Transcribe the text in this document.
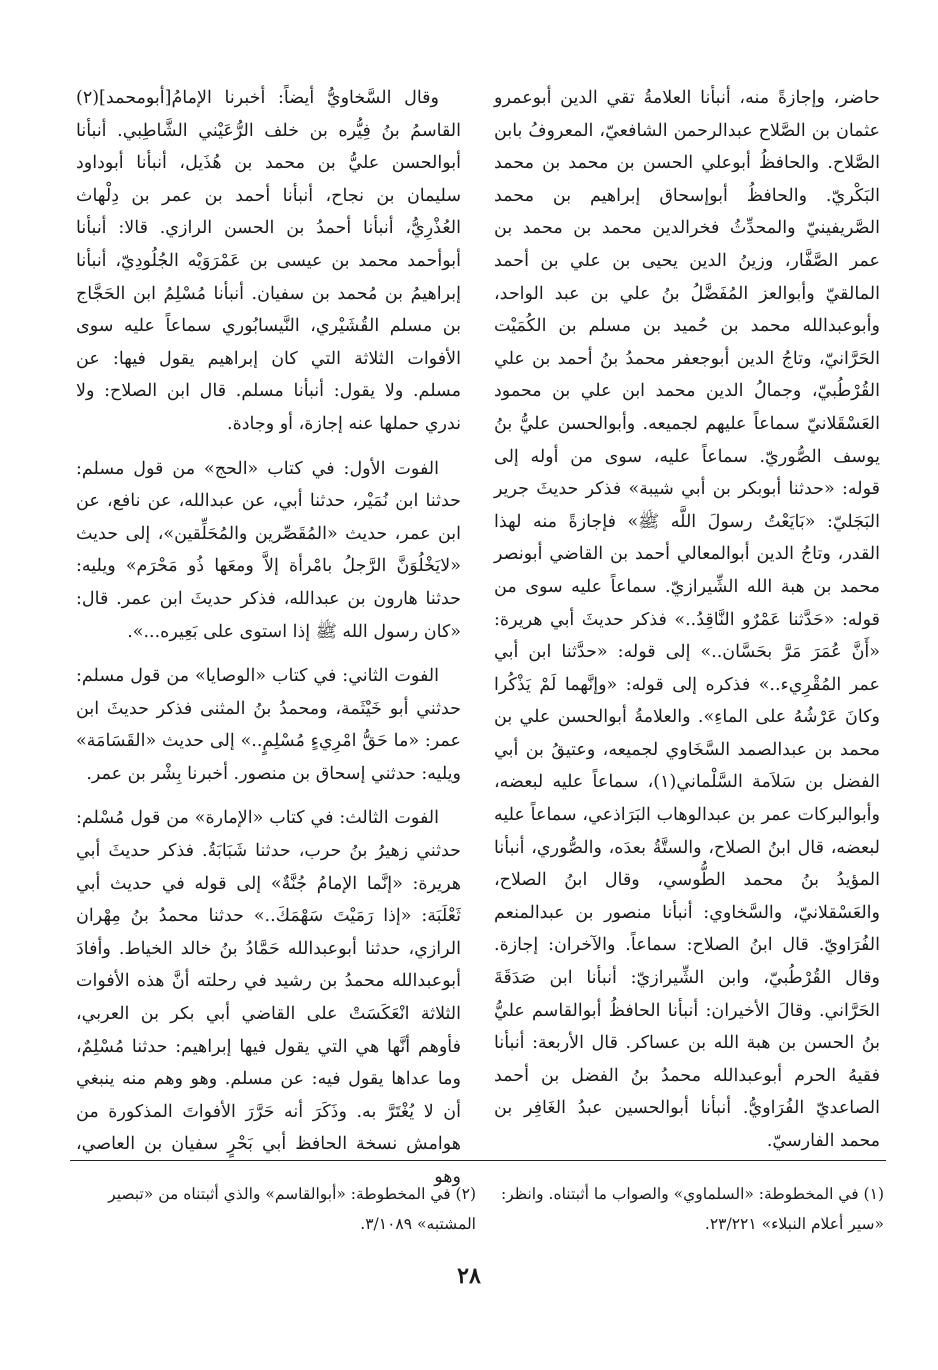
حاضر، وإجازةً منه، أنبأنا العلامةُ تقي الدين أبوعمرو عثمان بن الصَّلاح عبدالرحمن الشافعيّ، المعروفُ بابن الصَّلاح. والحافظُ أبوعلي الحسن بن محمد بن محمد البَكْريّ. والحافظُ أبوإسحاق إبراهيم بن محمد الصَّريفينيّ والمحدِّثُ فخرالدين محمد بن محمد بن عمر الصَّفَّار، وزينُ الدين يحيى بن علي بن أحمد المالقيّ وأبوالعز المُفَضَّلُ بنُ علي بن عبد الواحد، وأبوعبدالله محمد بن حُميد بن مسلم بن الكُمَيْت الحَرَّانيّ، وتاجُ الدين أبوجعفر محمدُ بنُ أحمد بن علي القُرْطُبيّ، وجمالُ الدين محمد ابن علي بن محمود العَسْقَلانيّ سماعاً عليهم لجميعه. وأبوالحسن عليُّ بنُ يوسف الصُّوريّ. سماعاً عليه، سوى من أوله إلى قوله: «حدثنا أبوبكر بن أبي شيبة» فذكر حديثَ جرير البَجَليّ: «بَايَعْتُ رسولَ اللَّه ﷺ» فإجازةً منه لهذا القدر، وتاجُ الدين أبوالمعالي أحمد بن القاضي أبونصر محمد بن هبة الله الشِّيرازيّ. سماعاً عليه سوى من قوله: «حَدَّثنا عَمْرٌو النَّاقِدُ..» فذكر حديثَ أبي هريرة: «أَنَّ عُمَرَ مَرَّ بحَسَّان..» إلى قوله: «حدَّثنا ابن أبي عمر المُقْرِيء..» فذكره إلى قوله: «وإنَّهما لَمْ يَذْكُرا وكانَ عَرْشُهُ على الماءِ». والعلامةُ أبوالحسن علي بن محمد بن عبدالصمد السَّخَاوي لجميعه، وعتيقُ بن أبي الفضل بن سَلاَمة السَّلْماني(١)، سماعاً عليه لبعضه، وأبوالبركات عمر بن عبدالوهاب البَرَاذعي، سماعاً عليه لبعضه، قال ابنُ الصلاح، والستَّةُ بعدَه، والصُّوري، أنبأنا المؤيدُ بنُ محمد الطُّوسي، وقال ابنُ الصلاح، والعَسْقلانيّ، والسَّخاوي: أنبأنا منصور بن عبدالمنعم الفُرَاويّ. قال ابنُ الصلاح: سماعاً. والآخران: إجازة. وقال القُرْطُبيّ، وابن الشِّيرازيّ: أنبأنا ابن صَدَقَةَ الحَرَّاني. وقالَ الأخيران: أنبأنا الحافظُ أبوالقاسم عليُّ بنُ الحسن بن هبة الله بن عساكر. قال الأربعة: أنبأنا فقيهُ الحرم أبوعبدالله محمدُ بنُ الفضل بن أحمد الصاعديّ الفُرَاويُّ. أنبأنا أبوالحسين عبدُ الغَافِر بن محمد الفارسيّ.

وقال السَّخاويُّ أيضاً: أخبرنا الإمامُ[أبومحمد](٢) القاسمُ بنُ فِيُّره بن خلف الرُّعَيْني الشَّاطِبي. أنبأنا أبوالحسن عليُّ بن محمد بن هُذَيل، أنبأنا أبوداود سليمان بن نجاح، أنبأنا أحمد بن عمر بن دِلْهاث العُذْرِيُّ، أنبأنا أحمدُ بن الحسن الرازي. قالا: أنبأنا أبوأحمد محمد بن عيسى بن عَمْرَوَيْه الجُلُودِيّ، أنبأنا إبراهيمُ بن مُحمد بن سفيان. أنبأنا مُسْلِمُ ابن الحَجَّاج بن مسلم القُشَيْري، النَّيسابُوري سماعاً عليه سوى الأفوات الثلاثة التي كان إبراهيم يقول فيها: عن مسلم. ولا يقول: أنبأنا مسلم. قال ابن الصلاح: ولا ندري حملها عنه إجازة، أو وجادة.

الفوت الأول: في كتاب «الحج» من قول مسلم: حدثنا ابن نُمَيْر، حدثنا أبي، عن عبدالله، عن نافع، عن ابن عمر، حديث «المُقَصِّرين والمُحَلِّقين»، إلى حديث «لايَخْلُوَنَّ الرَّجلُ بامْرأة إلاَّ ومعَها ذُو مَحْرَم» ويليه: حدثنا هارون بن عبدالله، فذكر حديثَ ابن عمر. قال: «كان رسول الله ﷺ إذا استوى على بَعِيره...».

الفوت الثاني: في كتاب «الوصايا» من قول مسلم: حدثني أبو خَيْثَمة، ومحمدُ بنُ المثنى فذكر حديثَ ابن عمر: «ما حَقُّ امْرِيءٍ مُسْلِمٍ..» إلى حديث «القَسَامَة» ويليه: حدثني إسحاق بن منصور. أخبرنا بِشْر بن عمر.

الفوت الثالث: في كتاب «الإمارة» من قول مُسْلم: حدثني زهيرُ بنُ حرب، حدثنا شَبَابَةُ. فذكر حديثَ أبي هريرة: «إنَّما الإمامُ جُنَّةٌ» إلى قوله في حديث أبي ثَعْلَبَة: «إذا رَمَيْتَ سَهْمَكَ..» حدثنا محمدُ بنُ مِهْران الرازي، حدثنا أبوعبدالله حَمَّادُ بنُ خالد الخياط. وأفادَ أبوعبدالله محمدُ بن رشيد في رحلته أنَّ هذه الأفوات الثلاثة انْعَكَسَتْ على القاضي أبي بكر بن العربي، فأوهم أنَّها هي التي يقول فيها إبراهيم: حدثنا مُسْلِمٌ، وما عداها يقول فيه: عن مسلم. وهو وهم منه ينبغي أن لا يُغْتَرَّ به. وذَكَرَ أنه حَرَّرَ الأفواتَ المذكورة من هوامش نسخة الحافظ أبي بَحْرٍ سفيان بن العاصي، وهو

(١) في المخطوطة: «السلماوي» والصواب ما أثبتناه. وانظر: «سير أعلام النبلاء» ٢٣/٢٢١.
(٢) في المخطوطة: «أبوالقاسم» والذي أثبتناه من «تبصير المشتبه» ٣/١٠٨٩.
٢٨
